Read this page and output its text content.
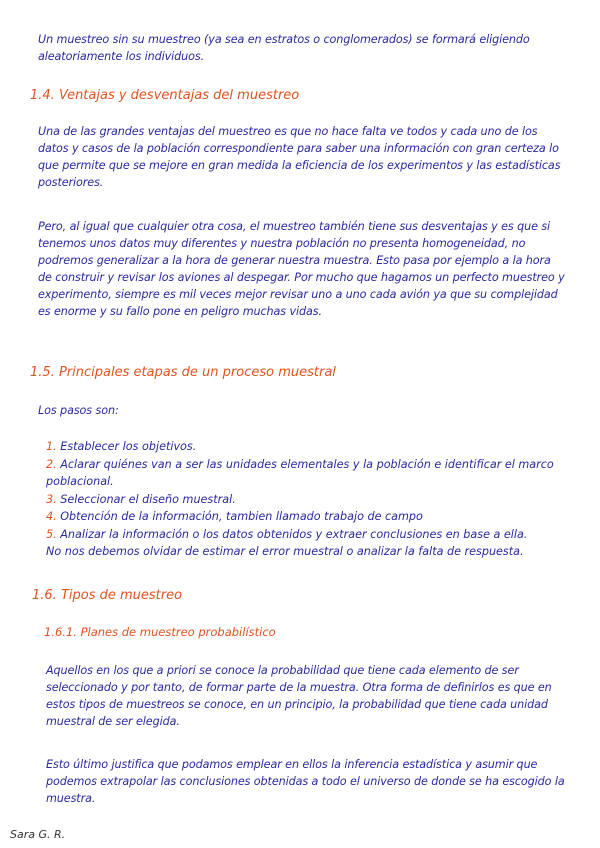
Un muestreo sin su muestreo (ya sea en estratos o conglomerados) se formará eligiendo aleatoriamente los individuos.

1.4. Ventajas y desventajas del muestreo

Una de las grandes ventajas del muestreo es que no hace falta ve todos y cada uno de los datos y casos de la población correspondiente para saber una información con gran certeza lo que permite que se mejore en gran medida la eficiencia de los experimentos y las estadísticas posteriores.

Pero, al igual que cualquier otra cosa, el muestreo también tiene sus desventajas y es que si tenemos unos datos muy diferentes y nuestra población no presenta homogeneidad, no podremos generalizar a la hora de generar nuestra muestra. Esto pasa por ejemplo a la hora de construir y revisar los aviones al despegar. Por mucho que hagamos un perfecto muestreo y experimento, siempre es mil veces mejor revisar uno a uno cada avión ya que su complejidad es enorme y su fallo pone en peligro muchas vidas.

1.5. Principales etapas de un proceso muestral

Los pasos son:

1. Establecer los objetivos.
2. Aclarar quiénes van a ser las unidades elementales y la población e identificar el marco poblacional.
3. Seleccionar el diseño muestral.
4. Obtención de la información, tambien llamado trabajo de campo
5. Analizar la información o los datos obtenidos y extraer conclusiones en base a ella.
No nos debemos olvidar de estimar el error muestral o analizar la falta de respuesta.
1.6. Tipos de muestreo
1.6.1. Planes de muestreo probabilístico

Aquellos en los que a priori se conoce la probabilidad que tiene cada elemento de ser seleccionado y por tanto, de formar parte de la muestra. Otra forma de definirlos es que en estos tipos de muestreos se conoce, en un principio, la probabilidad que tiene cada unidad muestral de ser elegida.

Esto último justifica que podamos emplear en ellos la inferencia estadística y asumir que podemos extrapolar las conclusiones obtenidas a todo el universo de donde se ha escogido la muestra.

Sara G. R.
